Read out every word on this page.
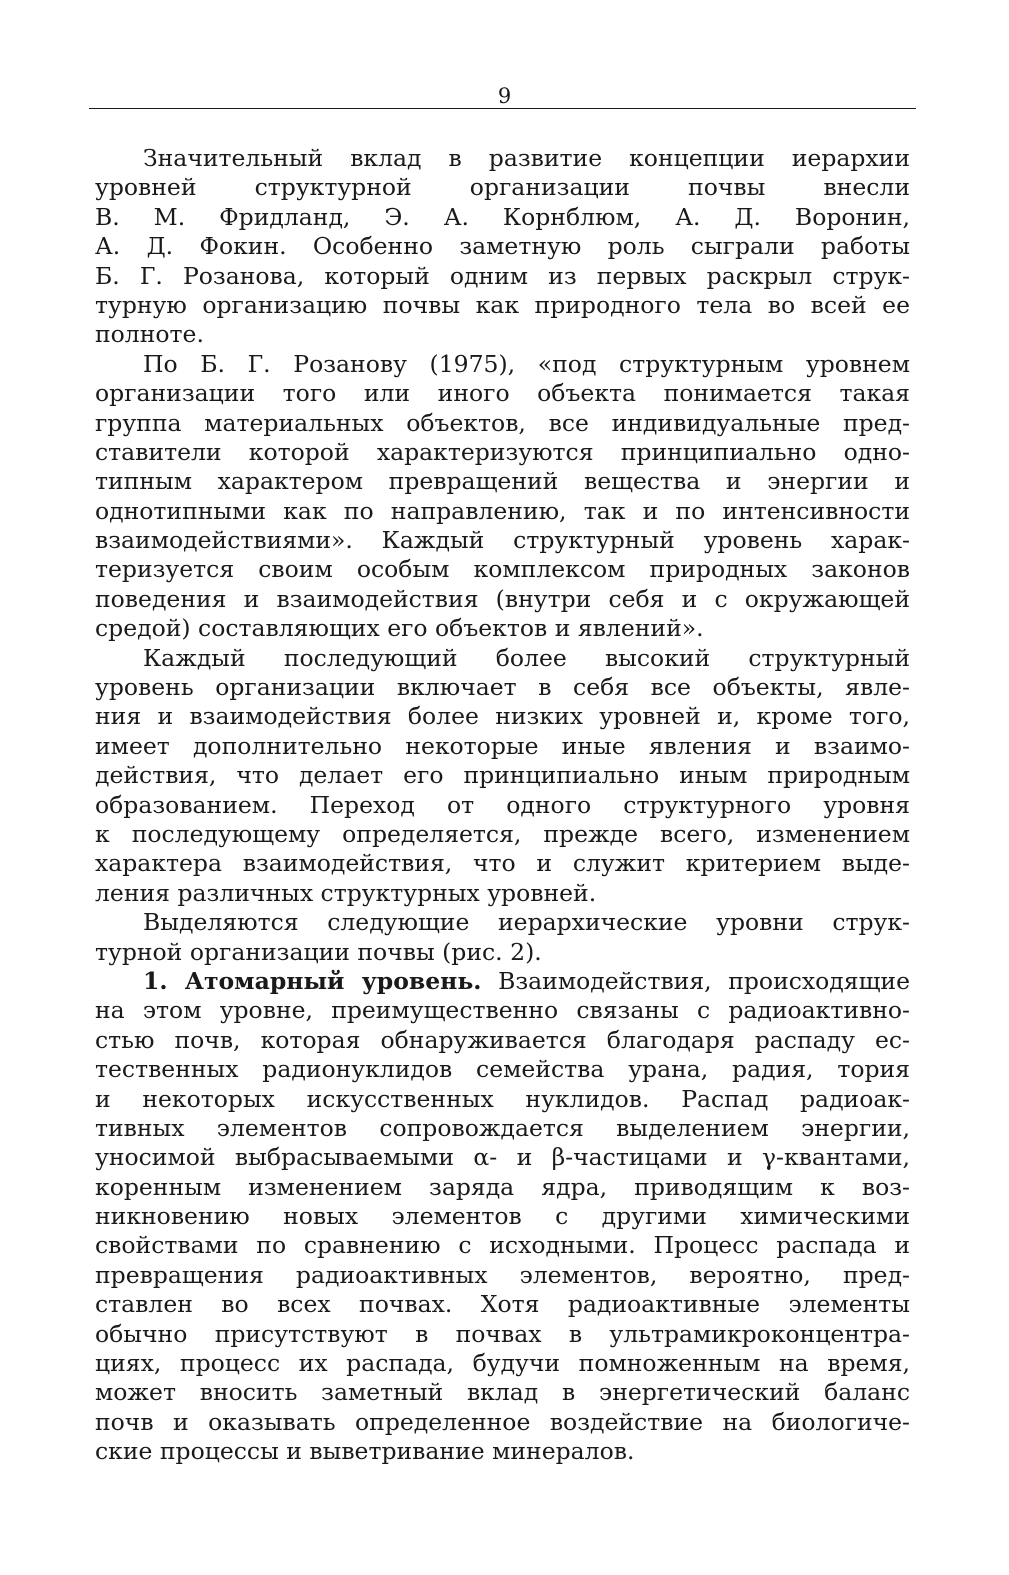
9
Значительный вклад в развитие концепции иерархии
уровней структурной организации почвы внесли
В. М. Фридланд, Э. А. Корнблюм, А. Д. Воронин,
А. Д. Фокин. Особенно заметную роль сыграли работы
Б. Г. Розанова, который одним из первых раскрыл струк-
турную организацию почвы как природного тела во всей ее
полноте.
По Б. Г. Розанову (1975), «под структурным уровнем
организации того или иного объекта понимается такая
группа материальных объектов, все индивидуальные пред-
ставители которой характеризуются принципиально одно-
типным характером превращений вещества и энергии и
однотипными как по направлению, так и по интенсивности
взаимодействиями». Каждый структурный уровень харак-
теризуется своим особым комплексом природных законов
поведения и взаимодействия (внутри себя и с окружающей
средой) составляющих его объектов и явлений».
Каждый последующий более высокий структурный
уровень организации включает в себя все объекты, явле-
ния и взаимодействия более низких уровней и, кроме того,
имеет дополнительно некоторые иные явления и взаимо-
действия, что делает его принципиально иным природным
образованием. Переход от одного структурного уровня
к последующему определяется, прежде всего, изменением
характера взаимодействия, что и служит критерием выде-
ления различных структурных уровней.
Выделяются следующие иерархические уровни струк-
турной организации почвы (рис. 2).
1. Атомарный уровень. Взаимодействия, происходящие
на этом уровне, преимущественно связаны с радиоактивно-
стью почв, которая обнаруживается благодаря распаду ес-
тественных радионуклидов семейства урана, радия, тория
и некоторых искусственных нуклидов. Распад радиоак-
тивных элементов сопровождается выделением энергии,
уносимой выбрасываемыми α- и β-частицами и γ-квантами,
коренным изменением заряда ядра, приводящим к воз-
никновению новых элементов с другими химическими
свойствами по сравнению с исходными. Процесс распада и
превращения радиоактивных элементов, вероятно, пред-
ставлен во всех почвах. Хотя радиоактивные элементы
обычно присутствуют в почвах в ультрамикроконцентра-
циях, процесс их распада, будучи помноженным на время,
может вносить заметный вклад в энергетический баланс
почв и оказывать определенное воздействие на биологиче-
ские процессы и выветривание минералов.
